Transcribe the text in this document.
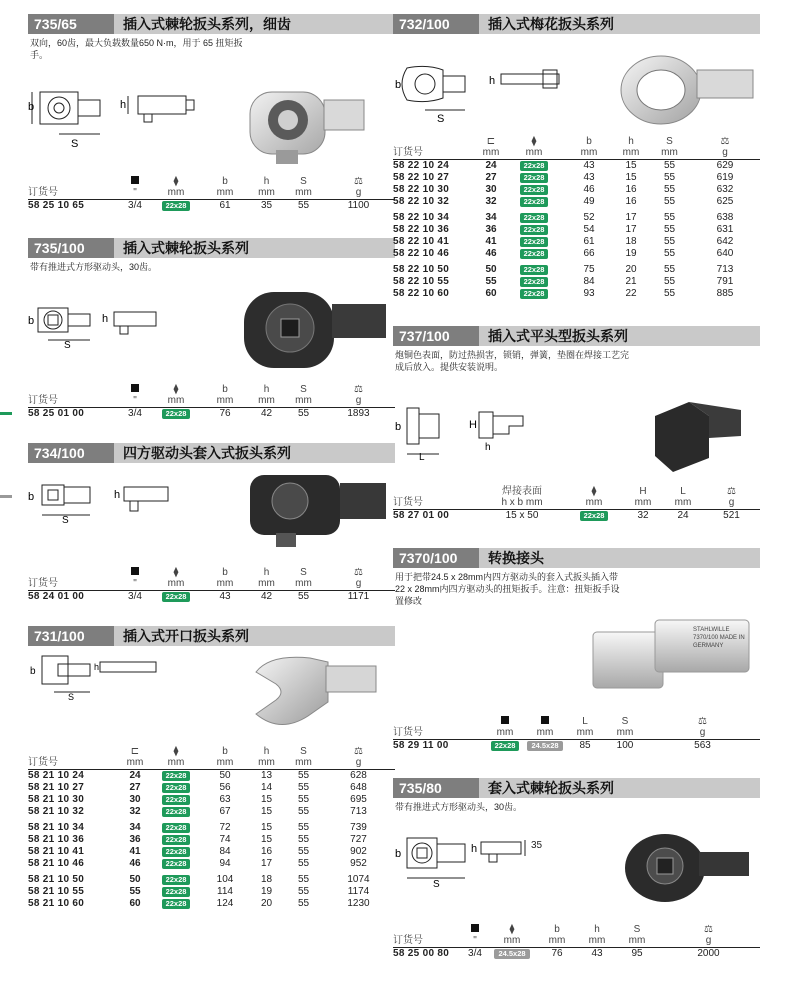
735/65	插入式棘轮扳头系列，细齿
双向，60齿，最大负载数量650 N·m，用于 65 扭矩扳手。
b
S
h
		⧫	b	h	S	⚖
订货号	"	mm	mm	mm	mm	g
58 25 10 65	3/4	22x28	61	35	55	1100
735/100	插入式棘轮扳头系列
带有推进式方形驱动头，30齿。
b
S
h
		⧫	b	h	S	⚖
订货号	"	mm	mm	mm	mm	g
58 25 01 00	3/4	22x28	76	42	55	1893
734/100	四方驱动头套入式扳头系列
b
S
h
		⧫	b	h	S	⚖
订货号	"	mm	mm	mm	mm	g
58 24 01 00	3/4	22x28	43	42	55	1171
731/100	插入式开口扳头系列
b
S
h
	⊏	⧫	b	h	S	⚖
订货号	mm	mm	mm	mm	mm	g
58 21 10 24	24	22x28	50	13	55	628
58 21 10 27	27	22x28	56	14	55	648
58 21 10 30	30	22x28	63	15	55	695
58 21 10 32	32	22x28	67	15	55	713

58 21 10 34	34	22x28	72	15	55	739
58 21 10 36	36	22x28	74	15	55	727
58 21 10 41	41	22x28	84	16	55	902
58 21 10 46	46	22x28	94	17	55	952

58 21 10 50	50	22x28	104	18	55	1074
58 21 10 55	55	22x28	114	19	55	1174
58 21 10 60	60	22x28	124	20	55	1230
732/100	插入式梅花扳头系列
b
S
h
	⊏	⧫	b	h	S	⚖
订货号	mm	mm	mm	mm	mm	g
58 22 10 24	24	22x28	43	15	55	629
58 22 10 27	27	22x28	43	15	55	619
58 22 10 30	30	22x28	46	16	55	632
58 22 10 32	32	22x28	49	16	55	625

58 22 10 34	34	22x28	52	17	55	638
58 22 10 36	36	22x28	54	17	55	631
58 22 10 41	41	22x28	61	18	55	642
58 22 10 46	46	22x28	66	19	55	640

58 22 10 50	50	22x28	75	20	55	713
58 22 10 55	55	22x28	84	21	55	791
58 22 10 60	60	22x28	93	22	55	885
737/100	插入式平头型扳头系列
炮铜色表面，防过热损害，锁销，弹簧，垫圈在焊接工艺完成后放入。提供安装说明。
b
L
H
h
	焊接表面	⧫	H	L	⚖
订货号	h x b mm	mm	mm	mm	g
58 27 01 00	15 x 50	22x28	32	24	521
7370/100	转换接头
用于把带24.5 x 28mm内四方驱动头的套入式扳头插入带22 x 28mm内四方驱动头的扭矩扳手。注意：扭矩扳手设置修改
STAHLWILLE 7370/100 MADE IN GERMANY
			L	S	⚖
订货号	mm	mm	mm	mm	g
58 29 11 00	22x28	24.5x28	85	100	563
735/80	套入式棘轮扳头系列
带有推进式方形驱动头，30齿。
b
S
h	35
		⧫	b	h	S	⚖
订货号	"	mm	mm	mm	mm	g
58 25 00 80	3/4	24.5x28	76	43	95	2000
